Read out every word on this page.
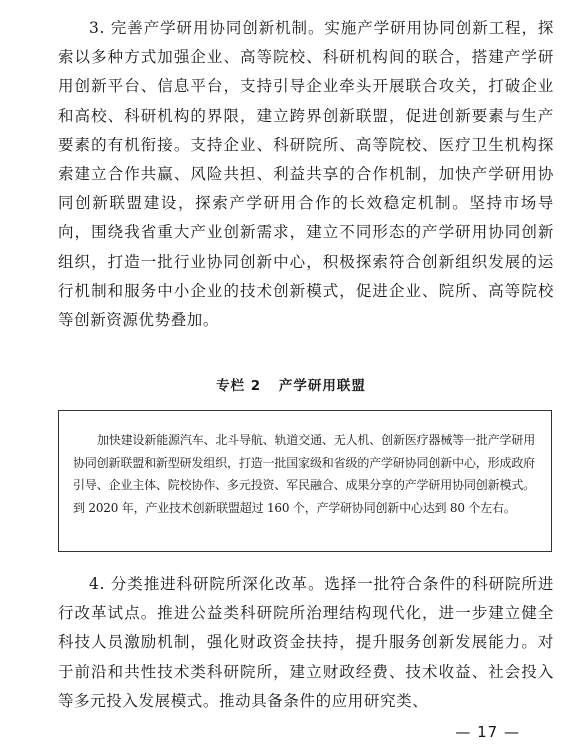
3. 完善产学研用协同创新机制。实施产学研用协同创新工程，探索以多种方式加强企业、高等院校、科研机构间的联合，搭建产学研用创新平台、信息平台，支持引导企业牵头开展联合攻关，打破企业和高校、科研机构的界限，建立跨界创新联盟，促进创新要素与生产要素的有机衔接。支持企业、科研院所、高等院校、医疗卫生机构探索建立合作共赢、风险共担、利益共享的合作机制，加快产学研用协同创新联盟建设，探索产学研用合作的长效稳定机制。坚持市场导向，围绕我省重大产业创新需求，建立不同形态的产学研用协同创新组织，打造一批行业协同创新中心，积极探索符合创新组织发展的运行机制和服务中小企业的技术创新模式，促进企业、院所、高等院校等创新资源优势叠加。

专栏 2 产学研用联盟

加快建设新能源汽车、北斗导航、轨道交通、无人机、创新医疗器械等一批产学研用协同创新联盟和新型研发组织，打造一批国家级和省级的产学研协同创新中心，形成政府引导、企业主体、院校协作、多元投资、军民融合、成果分享的产学研用协同创新模式。到 2020 年，产业技术创新联盟超过 160 个，产学研协同创新中心达到 80 个左右。

4. 分类推进科研院所深化改革。选择一批符合条件的科研院所进行改革试点。推进公益类科研院所治理结构现代化，进一步建立健全科技人员激励机制，强化财政资金扶持，提升服务创新发展能力。对于前沿和共性技术类科研院所，建立财政经费、技术收益、社会投入等多元投入发展模式。推动具备条件的应用研究类、

— 17 —
